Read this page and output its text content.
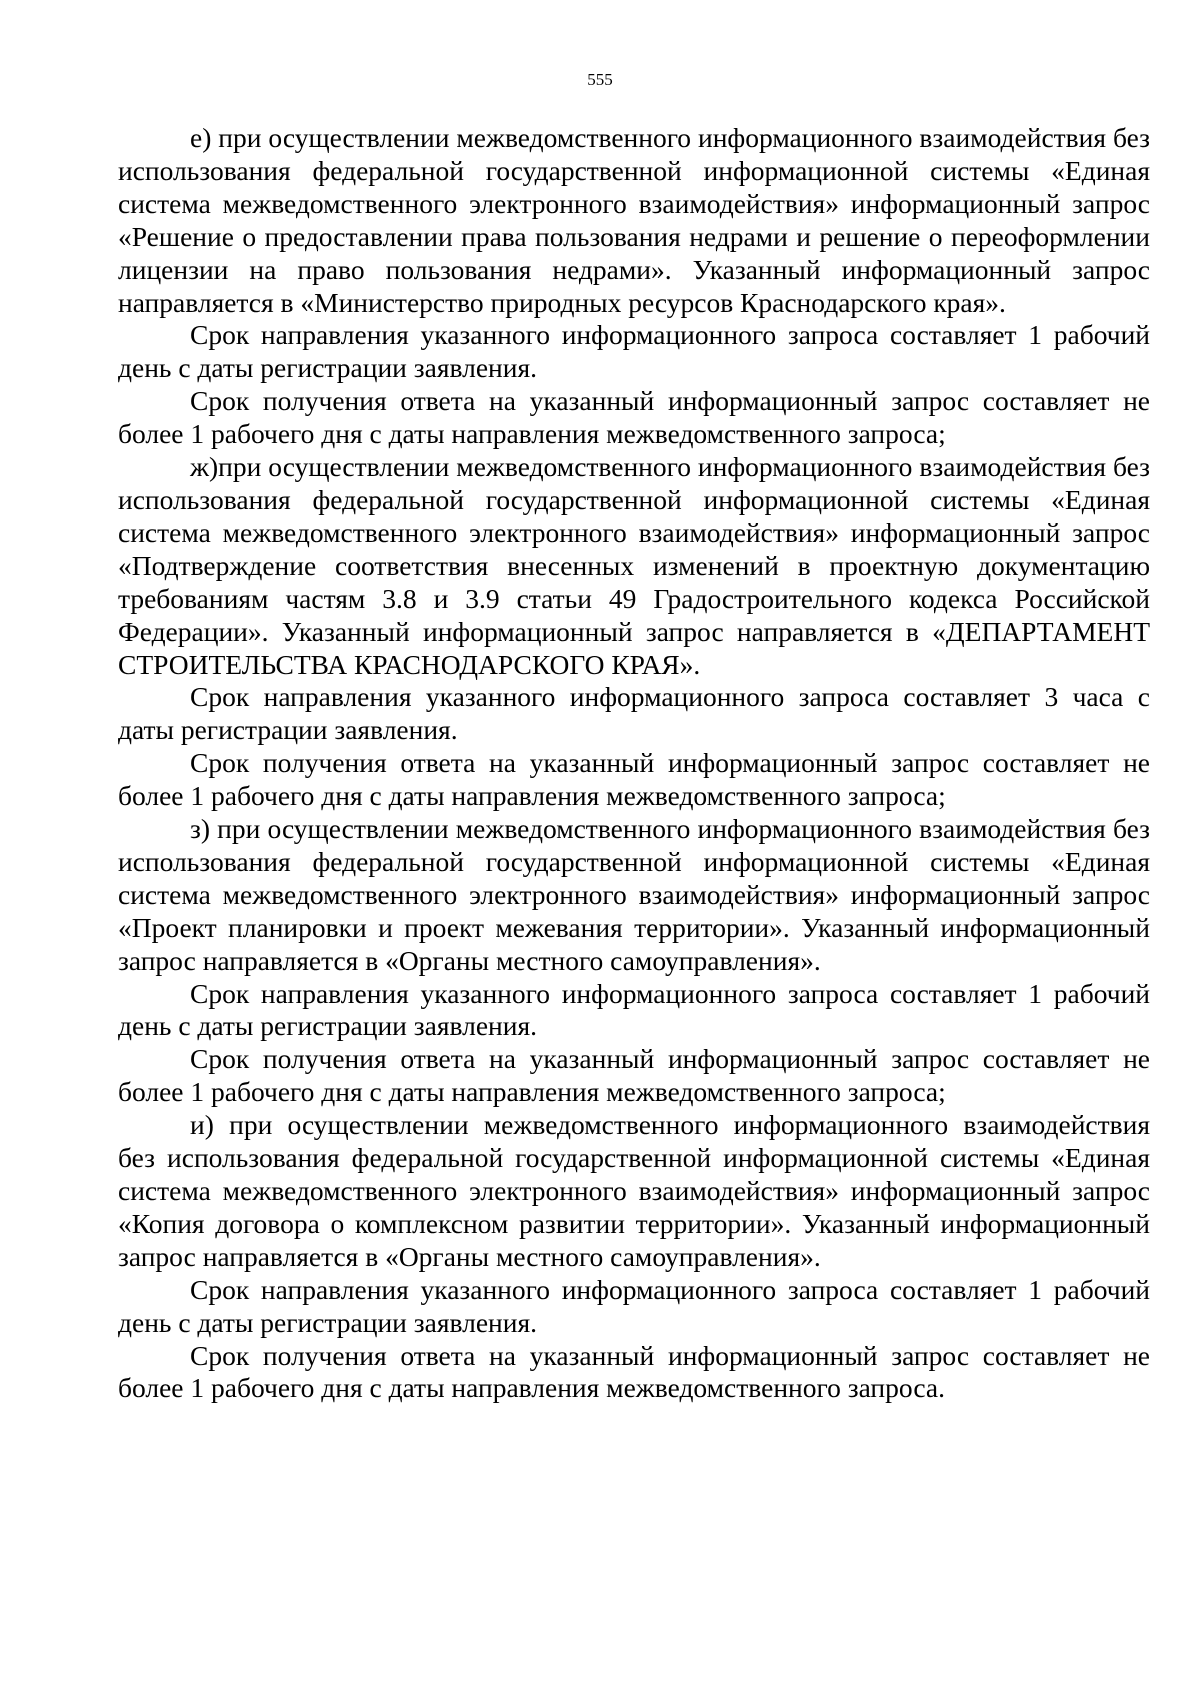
555

е) при осуществлении межведомственного информационного взаимодействия без использования федеральной государственной информационной системы «Единая система межведомственного электронного взаимодействия» информационный запрос «Решение о предоставлении права пользования недрами и решение о переоформлении лицензии на право пользования недрами». Указанный информационный запрос направляется в «Министерство природных ресурсов Краснодарского края».

Срок направления указанного информационного запроса составляет 1 рабочий день с даты регистрации заявления.

Срок получения ответа на указанный информационный запрос составляет не более 1 рабочего дня с даты направления межведомственного запроса;

ж)при осуществлении межведомственного информационного взаимодействия без использования федеральной государственной информационной системы «Единая система межведомственного электронного взаимодействия» информационный запрос «Подтверждение соответствия внесенных изменений в проектную документацию требованиям частям 3.8 и 3.9 статьи 49 Градостроительного кодекса Российской Федерации». Указанный информационный запрос направляется в «ДЕПАРТАМЕНТ СТРОИТЕЛЬСТВА КРАСНОДАРСКОГО КРАЯ».

Срок направления указанного информационного запроса составляет 3 часа с даты регистрации заявления.

Срок получения ответа на указанный информационный запрос составляет не более 1 рабочего дня с даты направления межведомственного запроса;

з) при осуществлении межведомственного информационного взаимодействия без использования федеральной государственной информационной системы «Единая система межведомственного электронного взаимодействия» информационный запрос «Проект планировки и проект межевания территории». Указанный информационный запрос направляется в «Органы местного самоуправления».

Срок направления указанного информационного запроса составляет 1 рабочий день с даты регистрации заявления.

Срок получения ответа на указанный информационный запрос составляет не более 1 рабочего дня с даты направления межведомственного запроса;

и) при осуществлении межведомственного информационного взаимодействия без использования федеральной государственной информационной системы «Единая система межведомственного электронного взаимодействия» информационный запрос «Копия договора о комплексном развитии территории». Указанный информационный запрос направляется в «Органы местного самоуправления».

Срок направления указанного информационного запроса составляет 1 рабочий день с даты регистрации заявления.

Срок получения ответа на указанный информационный запрос составляет не более 1 рабочего дня с даты направления межведомственного запроса.
